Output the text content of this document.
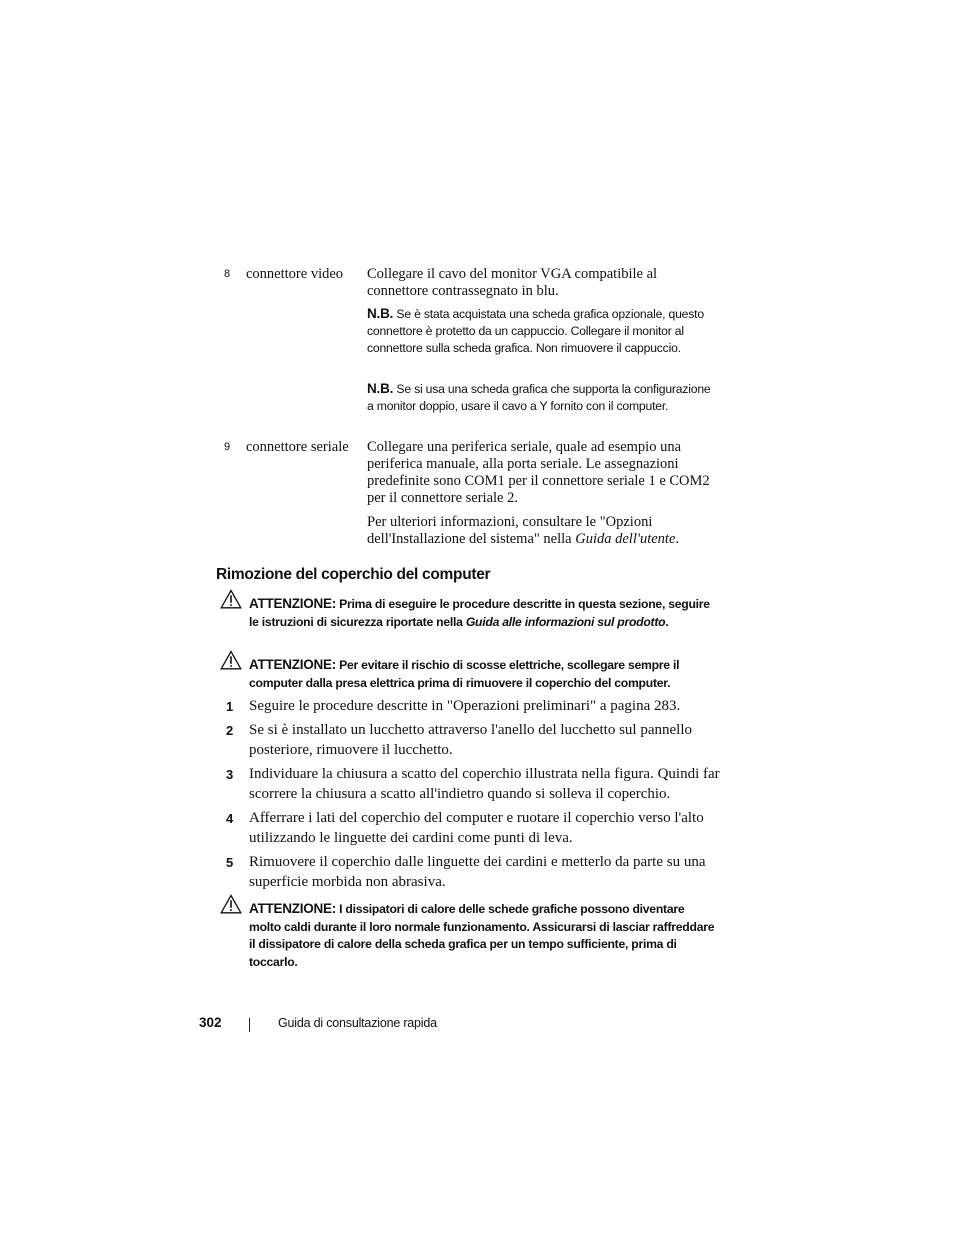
8	connettore video	Collegare il cavo del monitor VGA compatibile al connettore contrassegnato in blu.
N.B. Se è stata acquistata una scheda grafica opzionale, questo connettore è protetto da un cappuccio. Collegare il monitor al connettore sulla scheda grafica. Non rimuovere il cappuccio.
N.B. Se si usa una scheda grafica che supporta la configurazione a monitor doppio, usare il cavo a Y fornito con il computer.
9	connettore seriale	Collegare una periferica seriale, quale ad esempio una periferica manuale, alla porta seriale. Le assegnazioni predefinite sono COM1 per il connettore seriale 1 e COM2 per il connettore seriale 2.
Per ulteriori informazioni, consultare le "Opzioni dell'Installazione del sistema" nella Guida dell'utente.
Rimozione del coperchio del computer
ATTENZIONE: Prima di eseguire le procedure descritte in questa sezione, seguire le istruzioni di sicurezza riportate nella Guida alle informazioni sul prodotto.
ATTENZIONE: Per evitare il rischio di scosse elettriche, scollegare sempre il computer dalla presa elettrica prima di rimuovere il coperchio del computer.
1 Seguire le procedure descritte in "Operazioni preliminari" a pagina 283.
2 Se si è installato un lucchetto attraverso l'anello del lucchetto sul pannello posteriore, rimuovere il lucchetto.
3 Individuare la chiusura a scatto del coperchio illustrata nella figura. Quindi far scorrere la chiusura a scatto all'indietro quando si solleva il coperchio.
4 Afferrare i lati del coperchio del computer e ruotare il coperchio verso l'alto utilizzando le linguette dei cardini come punti di leva.
5 Rimuovere il coperchio dalle linguette dei cardini e metterlo da parte su una superficie morbida non abrasiva.
ATTENZIONE: I dissipatori di calore delle schede grafiche possono diventare molto caldi durante il loro normale funzionamento. Assicurarsi di lasciar raffreddare il dissipatore di calore della scheda grafica per un tempo sufficiente, prima di toccarlo.
302	Guida di consultazione rapida
